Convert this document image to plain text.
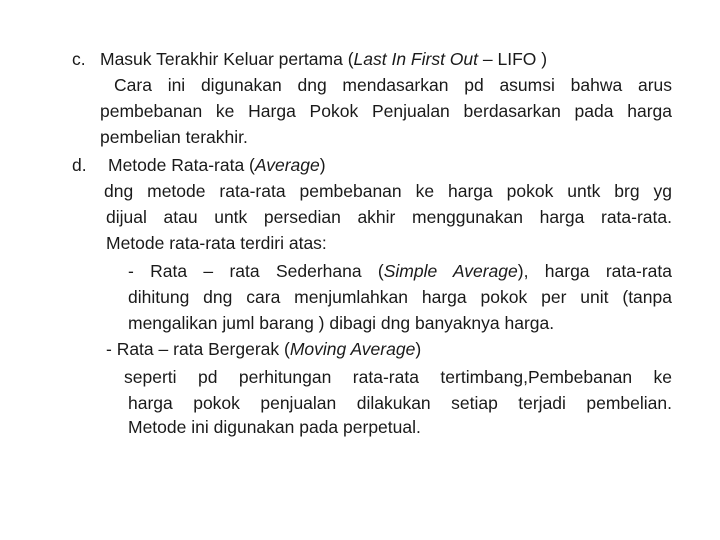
c. Masuk Terakhir Keluar pertama (Last In First Out – LIFO )
Cara ini digunakan dng mendasarkan pd asumsi bahwa arus
pembebanan ke Harga Pokok Penjualan berdasarkan pada harga
pembelian terakhir.
d. Metode Rata-rata (Average)
dng metode rata-rata pembebanan ke harga pokok untk brg yg
dijual atau untk persedian akhir menggunakan harga rata-rata.
Metode rata-rata terdiri atas:
- Rata – rata Sederhana (Simple Average), harga rata-rata
dihitung dng cara menjumlahkan harga pokok per unit (tanpa
mengalikan juml barang ) dibagi dng banyaknya harga.
- Rata – rata Bergerak (Moving Average)
seperti pd perhitungan rata-rata tertimbang,Pembebanan ke
harga pokok penjualan dilakukan setiap terjadi pembelian.
Metode ini digunakan pada perpetual.
